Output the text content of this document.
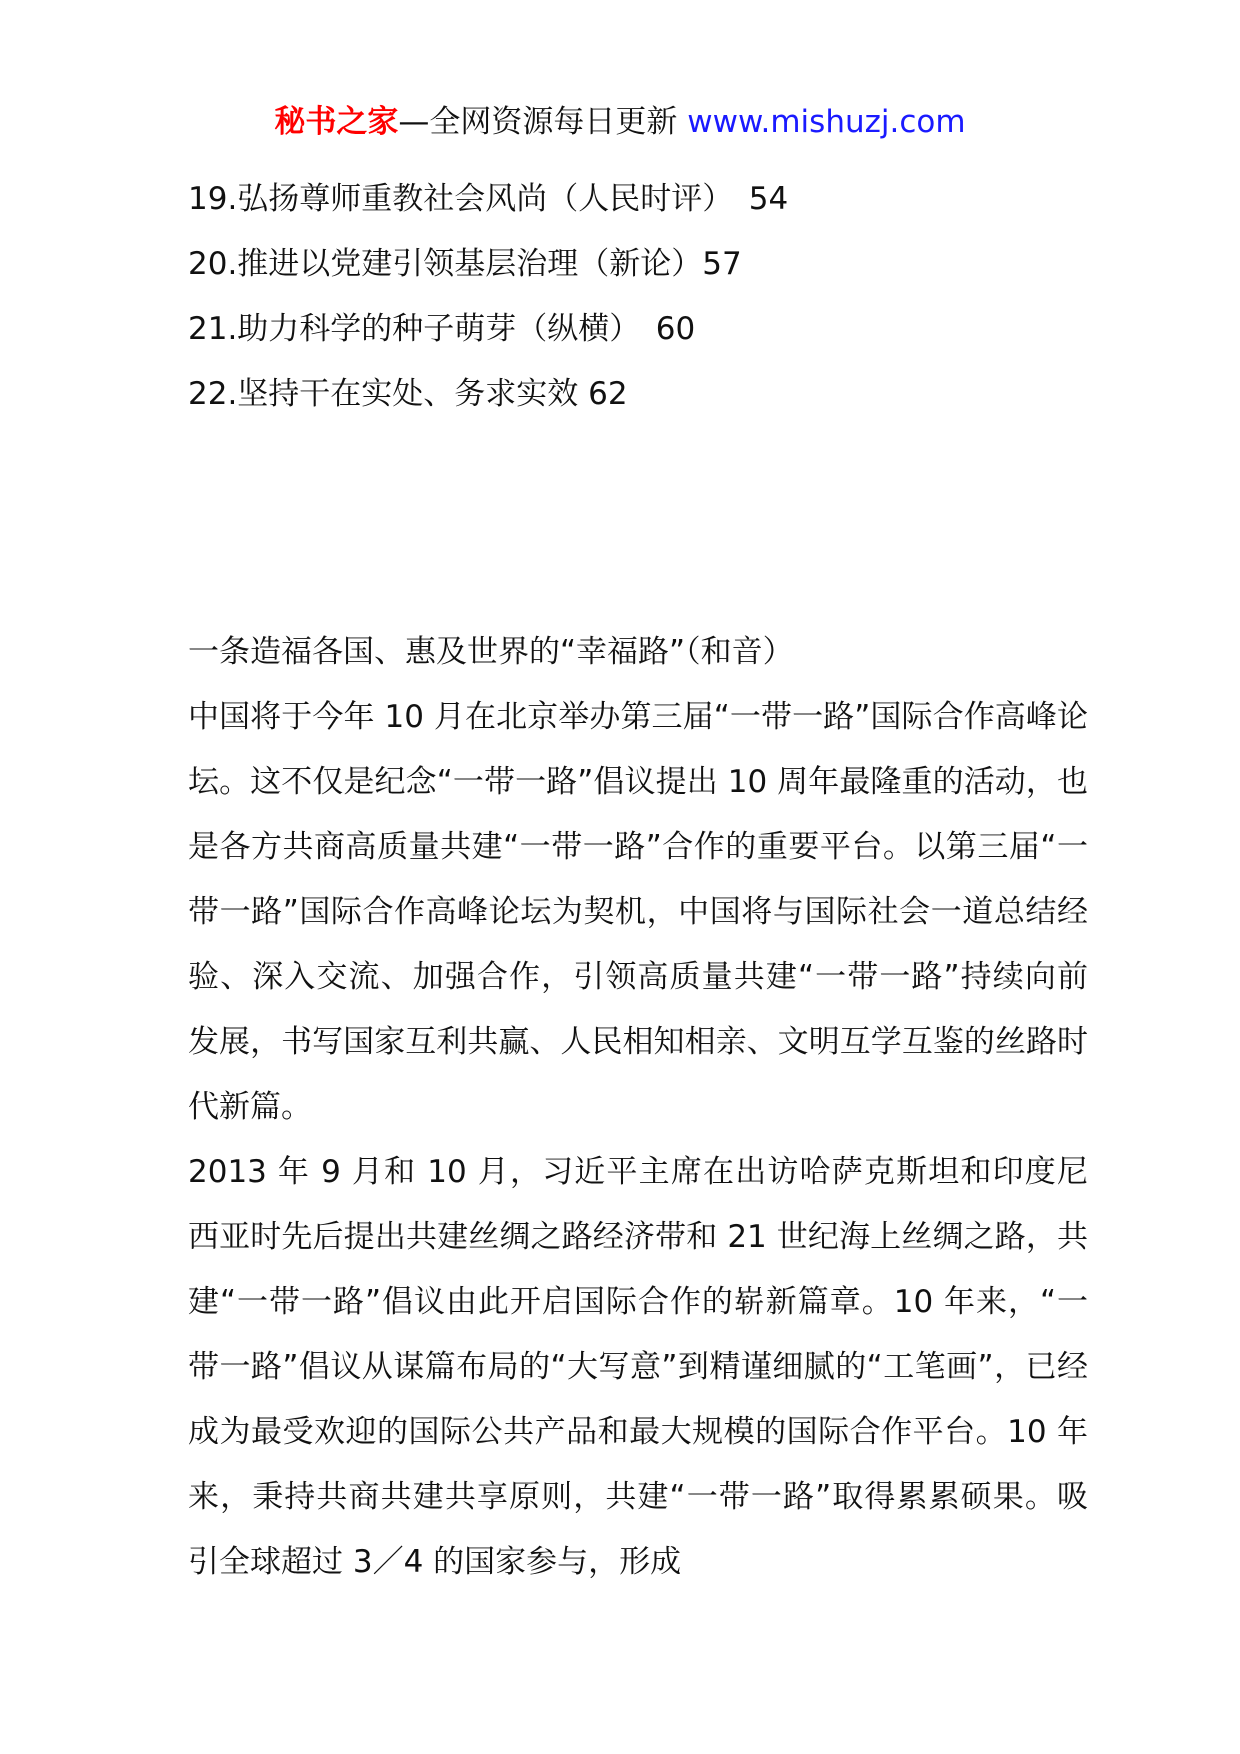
秘书之家—全网资源每日更新 www.mishuzj.com
19.弘扬尊师重教社会风尚（人民时评）　54
20.推进以党建引领基层治理（新论）57
21.助力科学的种子萌芽（纵横）　60
22.坚持干在实处、务求实效 62
一条造福各国、惠及世界的“幸福路”（和音）

中国将于今年 10 月在北京举办第三届“一带一路”国际合作高峰论坛。这不仅是纪念“一带一路”倡议提出 10 周年最隆重的活动，也是各方共商高质量共建“一带一路”合作的重要平台。以第三届“一带一路”国际合作高峰论坛为契机，中国将与国际社会一道总结经验、深入交流、加强合作，引领高质量共建“一带一路”持续向前发展，书写国家互利共赢、人民相知相亲、文明互学互鉴的丝路时代新篇。

2013 年 9 月和 10 月，习近平主席在出访哈萨克斯坦和印度尼西亚时先后提出共建丝绸之路经济带和 21 世纪海上丝绸之路，共建“一带一路”倡议由此开启国际合作的崭新篇章。10 年来，“一带一路”倡议从谋篇布局的“大写意”到精谨细腻的“工笔画”，已经成为最受欢迎的国际公共产品和最大规模的国际合作平台。10 年来，秉持共商共建共享原则，共建“一带一路”取得累累硕果。吸引全球超过 3／4 的国家参与，形成
